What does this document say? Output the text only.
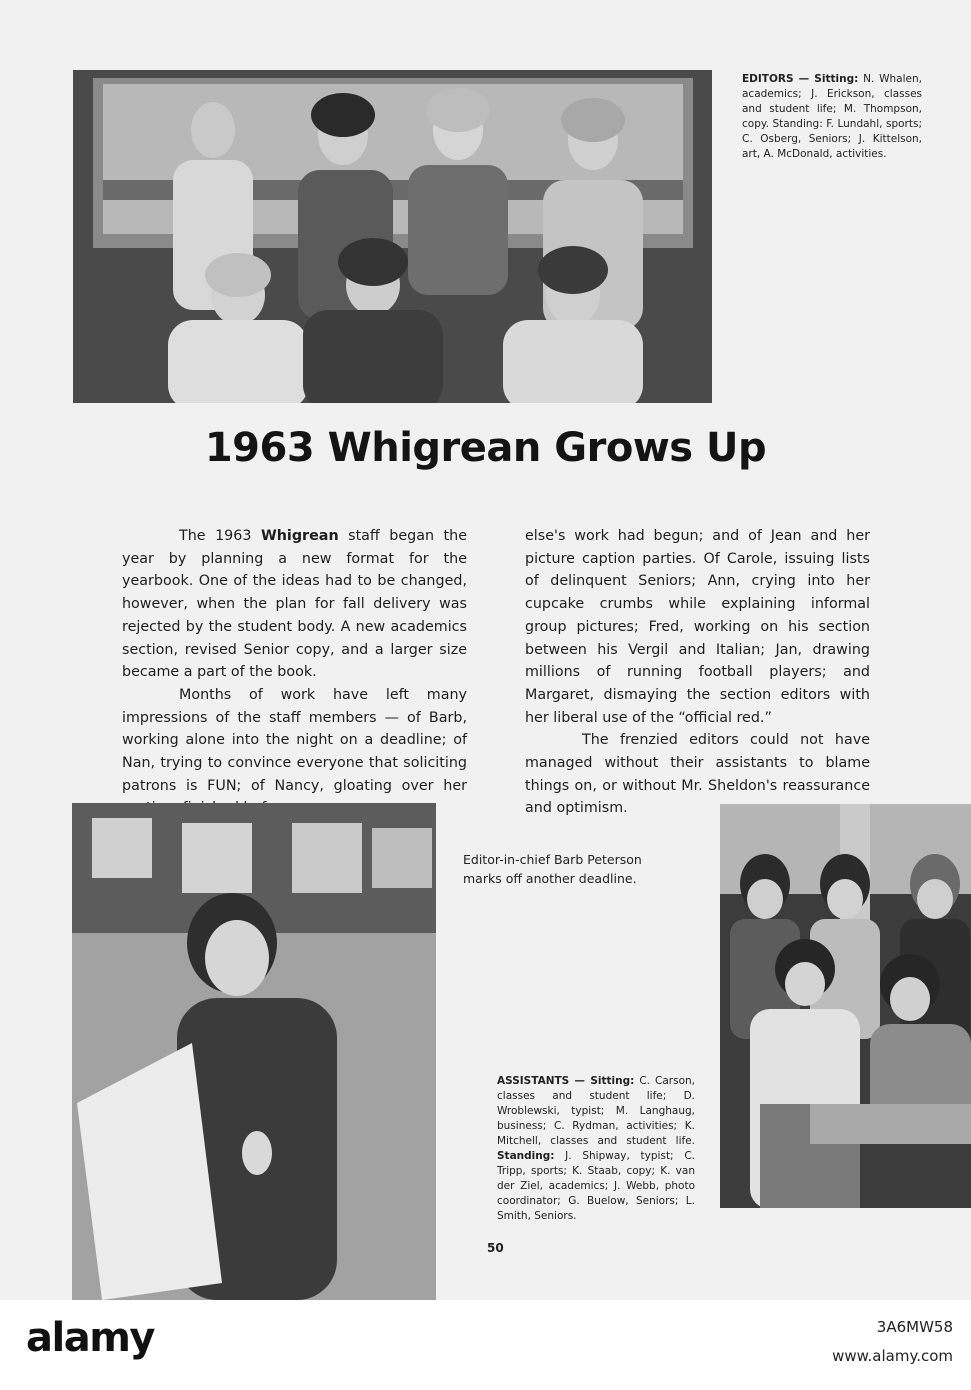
EDITORS — Sitting: N. Whalen, academics; J. Erickson, classes and student life; M. Thompson, copy. Standing: F. Lundahl, sports; C. Osberg, Seniors; J. Kittelson, art, A. McDonald, activities.
1963 Whigrean Grows Up

The 1963 Whigrean staff began the year by planning a new format for the yearbook. One of the ideas had to be changed, however, when the plan for fall delivery was rejected by the student body. A new academics section, revised Senior copy, and a larger size became a part of the book.

Months of work have left many impressions of the staff members — of Barb, working alone into the night on a deadline; of Nan, trying to convince everyone that soliciting patrons is FUN; of Nancy, gloating over her

else's work had begun; and of Jean and her picture caption parties. Of Carole, issuing lists of delinquent Seniors; Ann, crying into her cupcake crumbs while explaining informal group pictures; Fred, working on his section between his Vergil and Italian; Jan, drawing millions of running football players; and Margaret, dismaying the section editors with her liberal use of the “official red.”

The frenzied editors could not have managed without their assistants to blame things on, or without Mr. Sheldon's reassurance and optimism.

Editor-in-chief Barb Peterson marks off another deadline.
ASSISTANTS — Sitting: C. Carson, classes and student life; D. Wroblewski, typist; M. Langhaug, business; C. Rydman, activities; K. Mitchell, classes and student life. Standing: J. Shipway, typist; C. Tripp, sports; K. Staab, copy; K. van der Ziel, academics; J. Webb, photo coordinator; G. Buelow, Seniors; L. Smith, Seniors.
50
alamy	3A6MW58
www.alamy.com
